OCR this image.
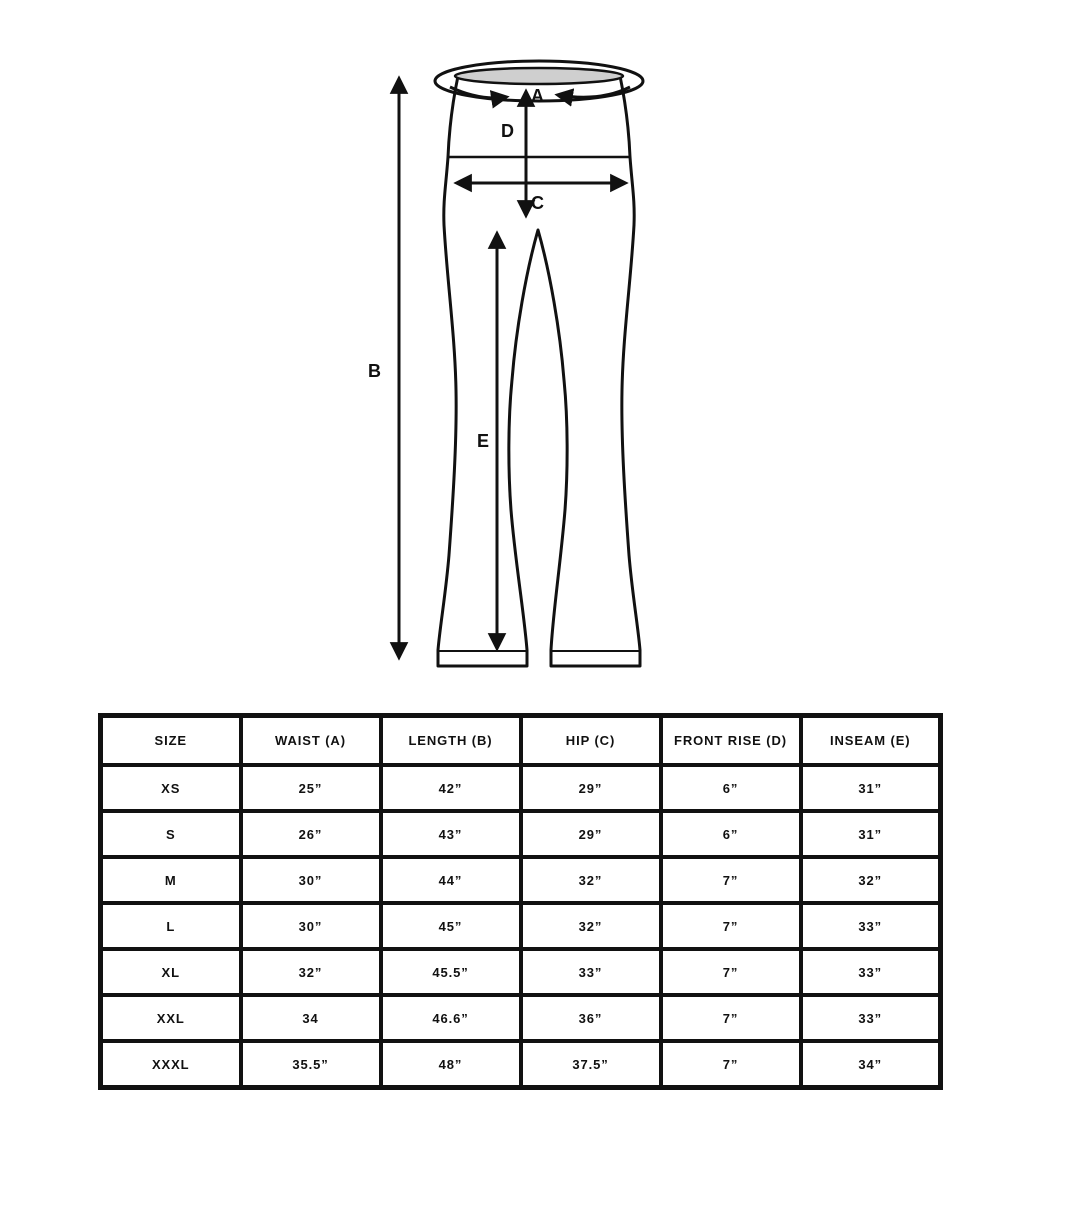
A
B
C
D
E
SIZE	WAIST (A)	LENGTH (B)	HIP (C)	FRONT RISE (D)	INSEAM (E)
XS	25”	42”	29”	6”	31”
S	26”	43”	29”	6”	31”
M	30”	44”	32”	7”	32”
L	30”	45”	32”	7”	33”
XL	32”	45.5”	33”	7”	33”
XXL	34	46.6”	36”	7”	33”
XXXL	35.5”	48”	37.5”	7”	34”
